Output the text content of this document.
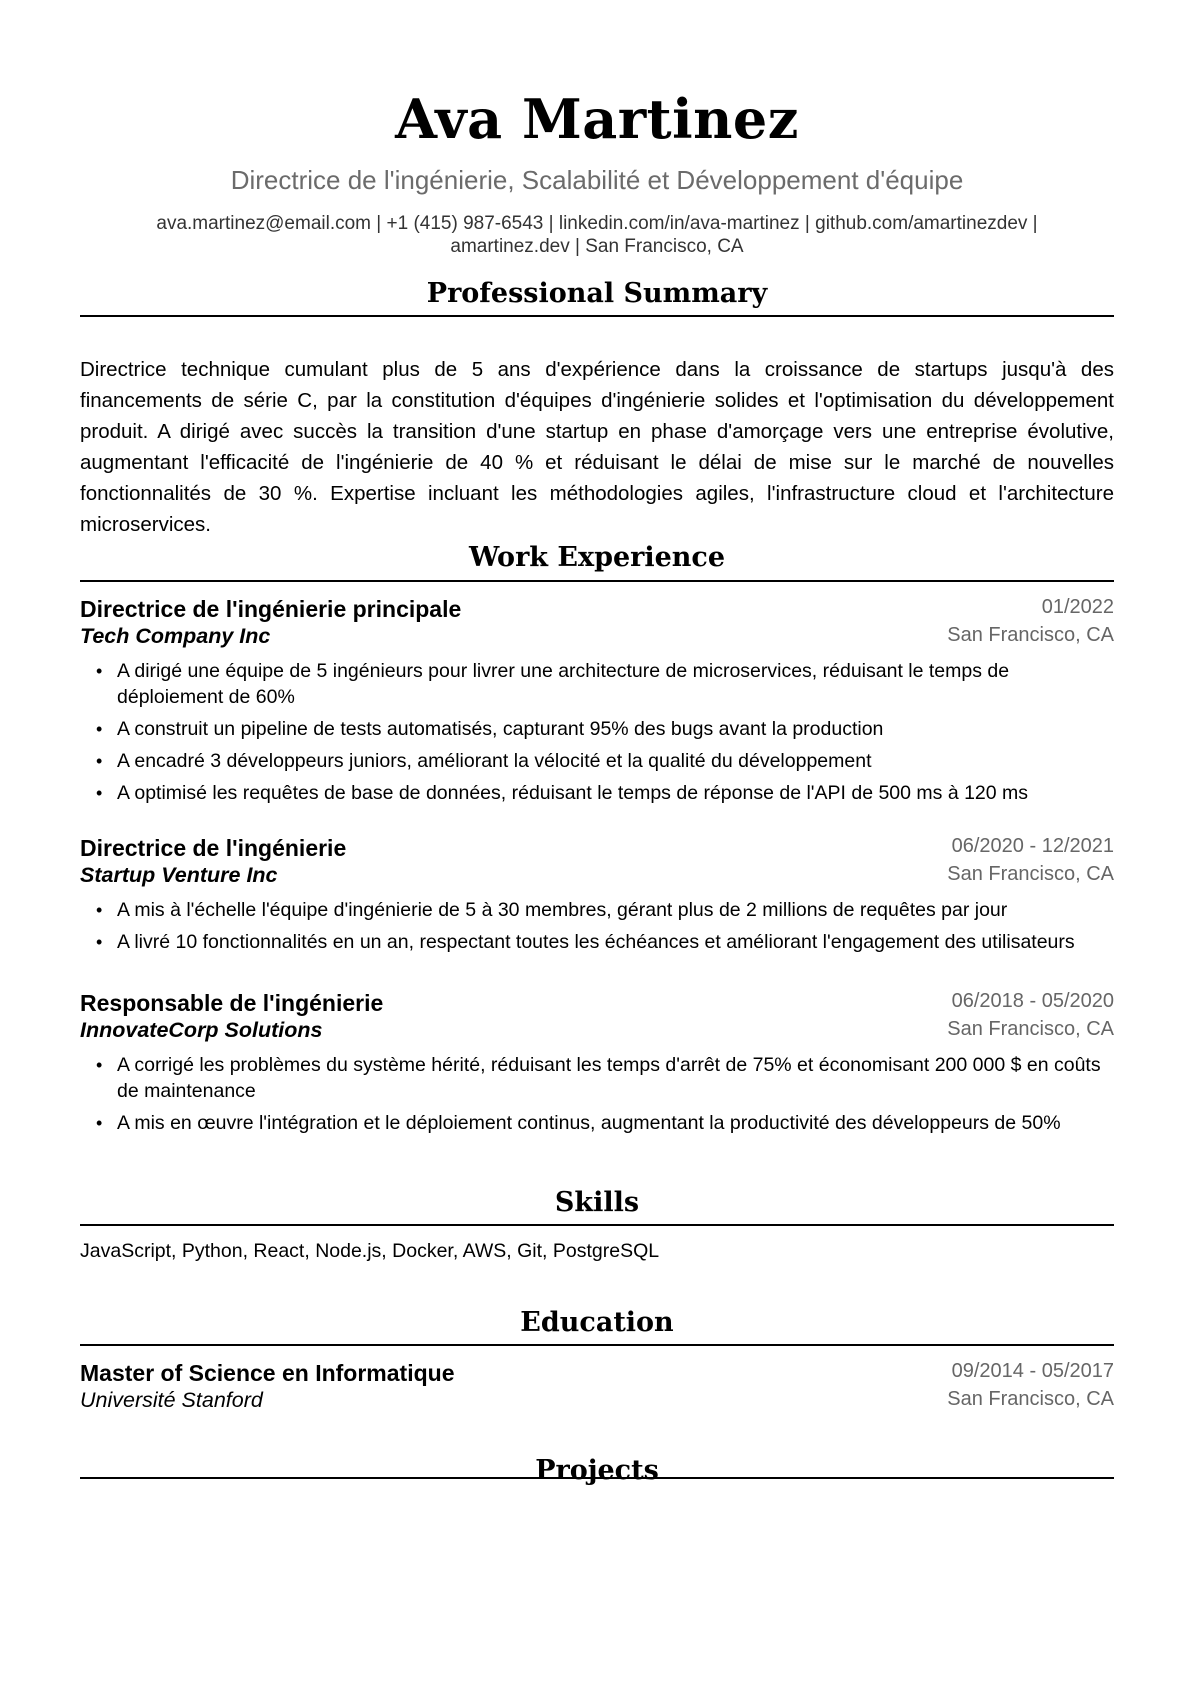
Ava Martinez
Directrice de l'ingénierie, Scalabilité et Développement d'équipe
ava.martinez@email.com | +1 (415) 987-6543 | linkedin.com/in/ava-martinez | github.com/amartinezdev |
amartinez.dev | San Francisco, CA
Professional Summary
Directrice technique cumulant plus de 5 ans d'expérience dans la croissance de startups jusqu'à des financements de série C, par la constitution d'équipes d'ingénierie solides et l'optimisation du développement produit. A dirigé avec succès la transition d'une startup en phase d'amorçage vers une entreprise évolutive, augmentant l'efficacité de l'ingénierie de 40 % et réduisant le délai de mise sur le marché de nouvelles fonctionnalités de 30 %. Expertise incluant les méthodologies agiles, l'infrastructure cloud et l'architecture microservices.
Work Experience
Directrice de l'ingénierie principale	01/2022
Tech Company Inc	San Francisco, CA
• A dirigé une équipe de 5 ingénieurs pour livrer une architecture de microservices, réduisant le temps de déploiement de 60%
• A construit un pipeline de tests automatisés, capturant 95% des bugs avant la production
• A encadré 3 développeurs juniors, améliorant la vélocité et la qualité du développement
• A optimisé les requêtes de base de données, réduisant le temps de réponse de l'API de 500 ms à 120 ms
Directrice de l'ingénierie	06/2020 - 12/2021
Startup Venture Inc	San Francisco, CA
• A mis à l'échelle l'équipe d'ingénierie de 5 à 30 membres, gérant plus de 2 millions de requêtes par jour
• A livré 10 fonctionnalités en un an, respectant toutes les échéances et améliorant l'engagement des utilisateurs
Responsable de l'ingénierie	06/2018 - 05/2020
InnovateCorp Solutions	San Francisco, CA
• A corrigé les problèmes du système hérité, réduisant les temps d'arrêt de 75% et économisant 200 000 $ en coûts de maintenance
• A mis en œuvre l'intégration et le déploiement continus, augmentant la productivité des développeurs de 50%
Skills
JavaScript, Python, React, Node.js, Docker, AWS, Git, PostgreSQL
Education
Master of Science en Informatique	09/2014 - 05/2017
Université Stanford	San Francisco, CA
Projects
